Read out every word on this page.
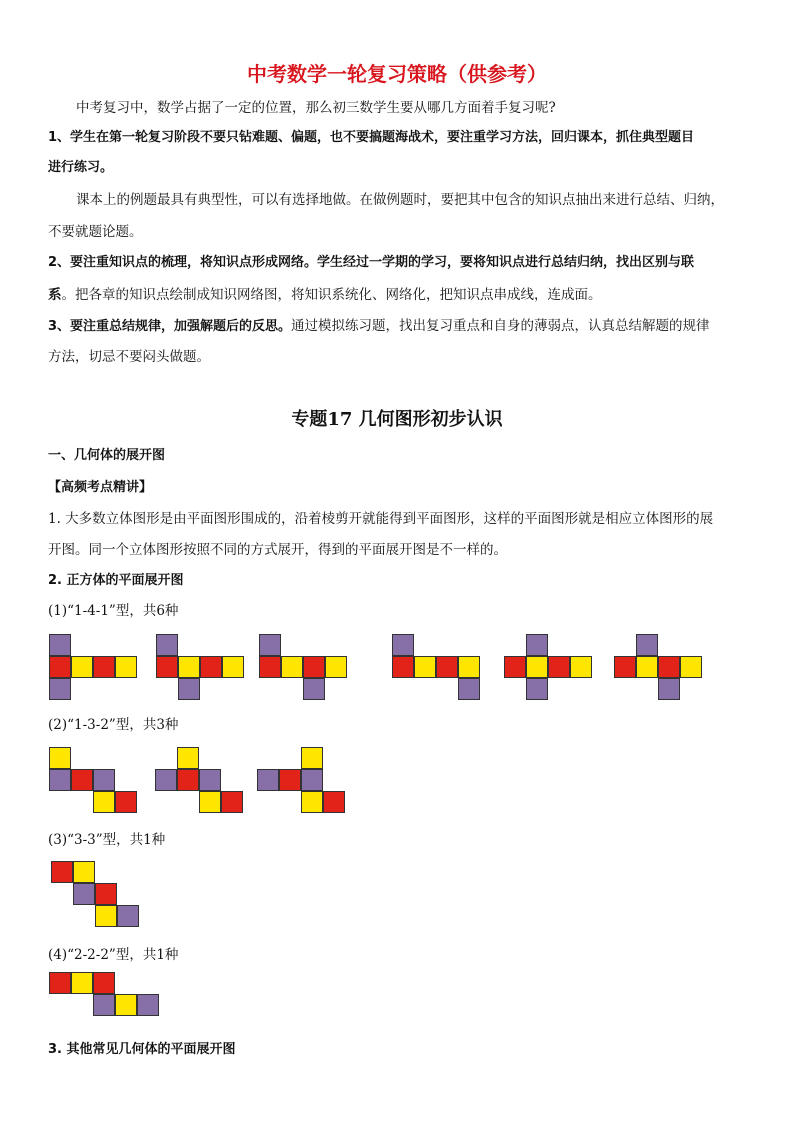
中考数学一轮复习策略（供参考）
中考复习中，数学占据了一定的位置，那么初三数学生要从哪几方面着手复习呢?
1、学生在第一轮复习阶段不要只钻难题、偏题，也不要搞题海战术，要注重学习方法，回归课本，抓住典型题目
进行练习。
课本上的例题最具有典型性，可以有选择地做。在做例题时，要把其中包含的知识点抽出来进行总结、归纳，
不要就题论题。
2、要注重知识点的梳理，将知识点形成网络。学生经过一学期的学习，要将知识点进行总结归纳，找出区别与联
系。把各章的知识点绘制成知识网络图，将知识系统化、网络化，把知识点串成线，连成面。
3、要注重总结规律，加强解题后的反思。通过模拟练习题，找出复习重点和自身的薄弱点，认真总结解题的规律
方法，切忌不要闷头做题。
专题17 几何图形初步认识
一、几何体的展开图
【高频考点精讲】
1. 大多数立体图形是由平面图形围成的，沿着棱剪开就能得到平面图形，这样的平面图形就是相应立体图形的展
开图。同一个立体图形按照不同的方式展开，得到的平面展开图是不一样的。
2. 正方体的平面展开图
(1)“1-4-1”型，共6种
(2)“1-3-2”型，共3种
(3)“3-3”型，共1种
(4)“2-2-2”型，共1种
3. 其他常见几何体的平面展开图
